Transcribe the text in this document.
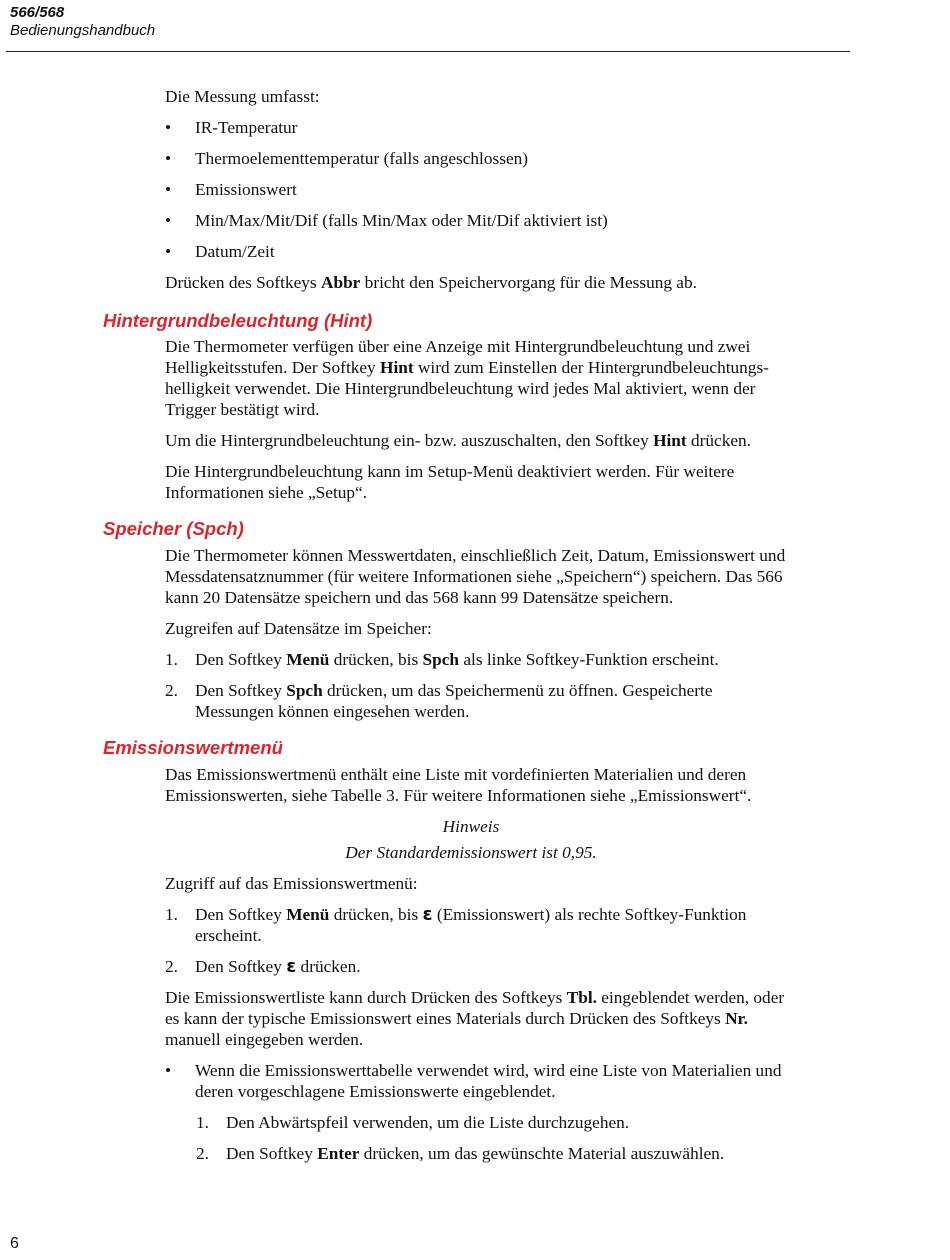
566/568
Bedienungshandbuch
Die Messung umfasst:
• IR-Temperatur
• Thermoelementtemperatur (falls angeschlossen)
• Emissionswert
• Min/Max/Mit/Dif (falls Min/Max oder Mit/Dif aktiviert ist)
• Datum/Zeit
Drücken des Softkeys Abbr bricht den Speichervorgang für die Messung ab.
Hintergrundbeleuchtung (Hint)
Die Thermometer verfügen über eine Anzeige mit Hintergrundbeleuchtung und zwei
Helligkeitsstufen. Der Softkey Hint wird zum Einstellen der Hintergrundbeleuchtungs-
helligkeit verwendet. Die Hintergrundbeleuchtung wird jedes Mal aktiviert, wenn der
Trigger bestätigt wird.
Um die Hintergrundbeleuchtung ein- bzw. auszuschalten, den Softkey Hint drücken.
Die Hintergrundbeleuchtung kann im Setup-Menü deaktiviert werden. Für weitere
Informationen siehe „Setup“.
Speicher (Spch)
Die Thermometer können Messwertdaten, einschließlich Zeit, Datum, Emissionswert und
Messdatensatznummer (für weitere Informationen siehe „Speichern“) speichern. Das 566
kann 20 Datensätze speichern und das 568 kann 99 Datensätze speichern.
Zugreifen auf Datensätze im Speicher:
1. Den Softkey Menü drücken, bis Spch als linke Softkey-Funktion erscheint.
2. Den Softkey Spch drücken, um das Speichermenü zu öffnen. Gespeicherte
Messungen können eingesehen werden.
Emissionswertmenü
Das Emissionswertmenü enthält eine Liste mit vordefinierten Materialien und deren
Emissionswerten, siehe Tabelle 3. Für weitere Informationen siehe „Emissionswert“.
Hinweis
Der Standardemissionswert ist 0,95.
Zugriff auf das Emissionswertmenü:
1. Den Softkey Menü drücken, bis ε (Emissionswert) als rechte Softkey-Funktion
erscheint.
2. Den Softkey ε drücken.
Die Emissionswertliste kann durch Drücken des Softkeys Tbl. eingeblendet werden, oder
es kann der typische Emissionswert eines Materials durch Drücken des Softkeys Nr.
manuell eingegeben werden.
• Wenn die Emissionswerttabelle verwendet wird, wird eine Liste von Materialien und
deren vorgeschlagene Emissionswerte eingeblendet.
1. Den Abwärtspfeil verwenden, um die Liste durchzugehen.
2. Den Softkey Enter drücken, um das gewünschte Material auszuwählen.
6
